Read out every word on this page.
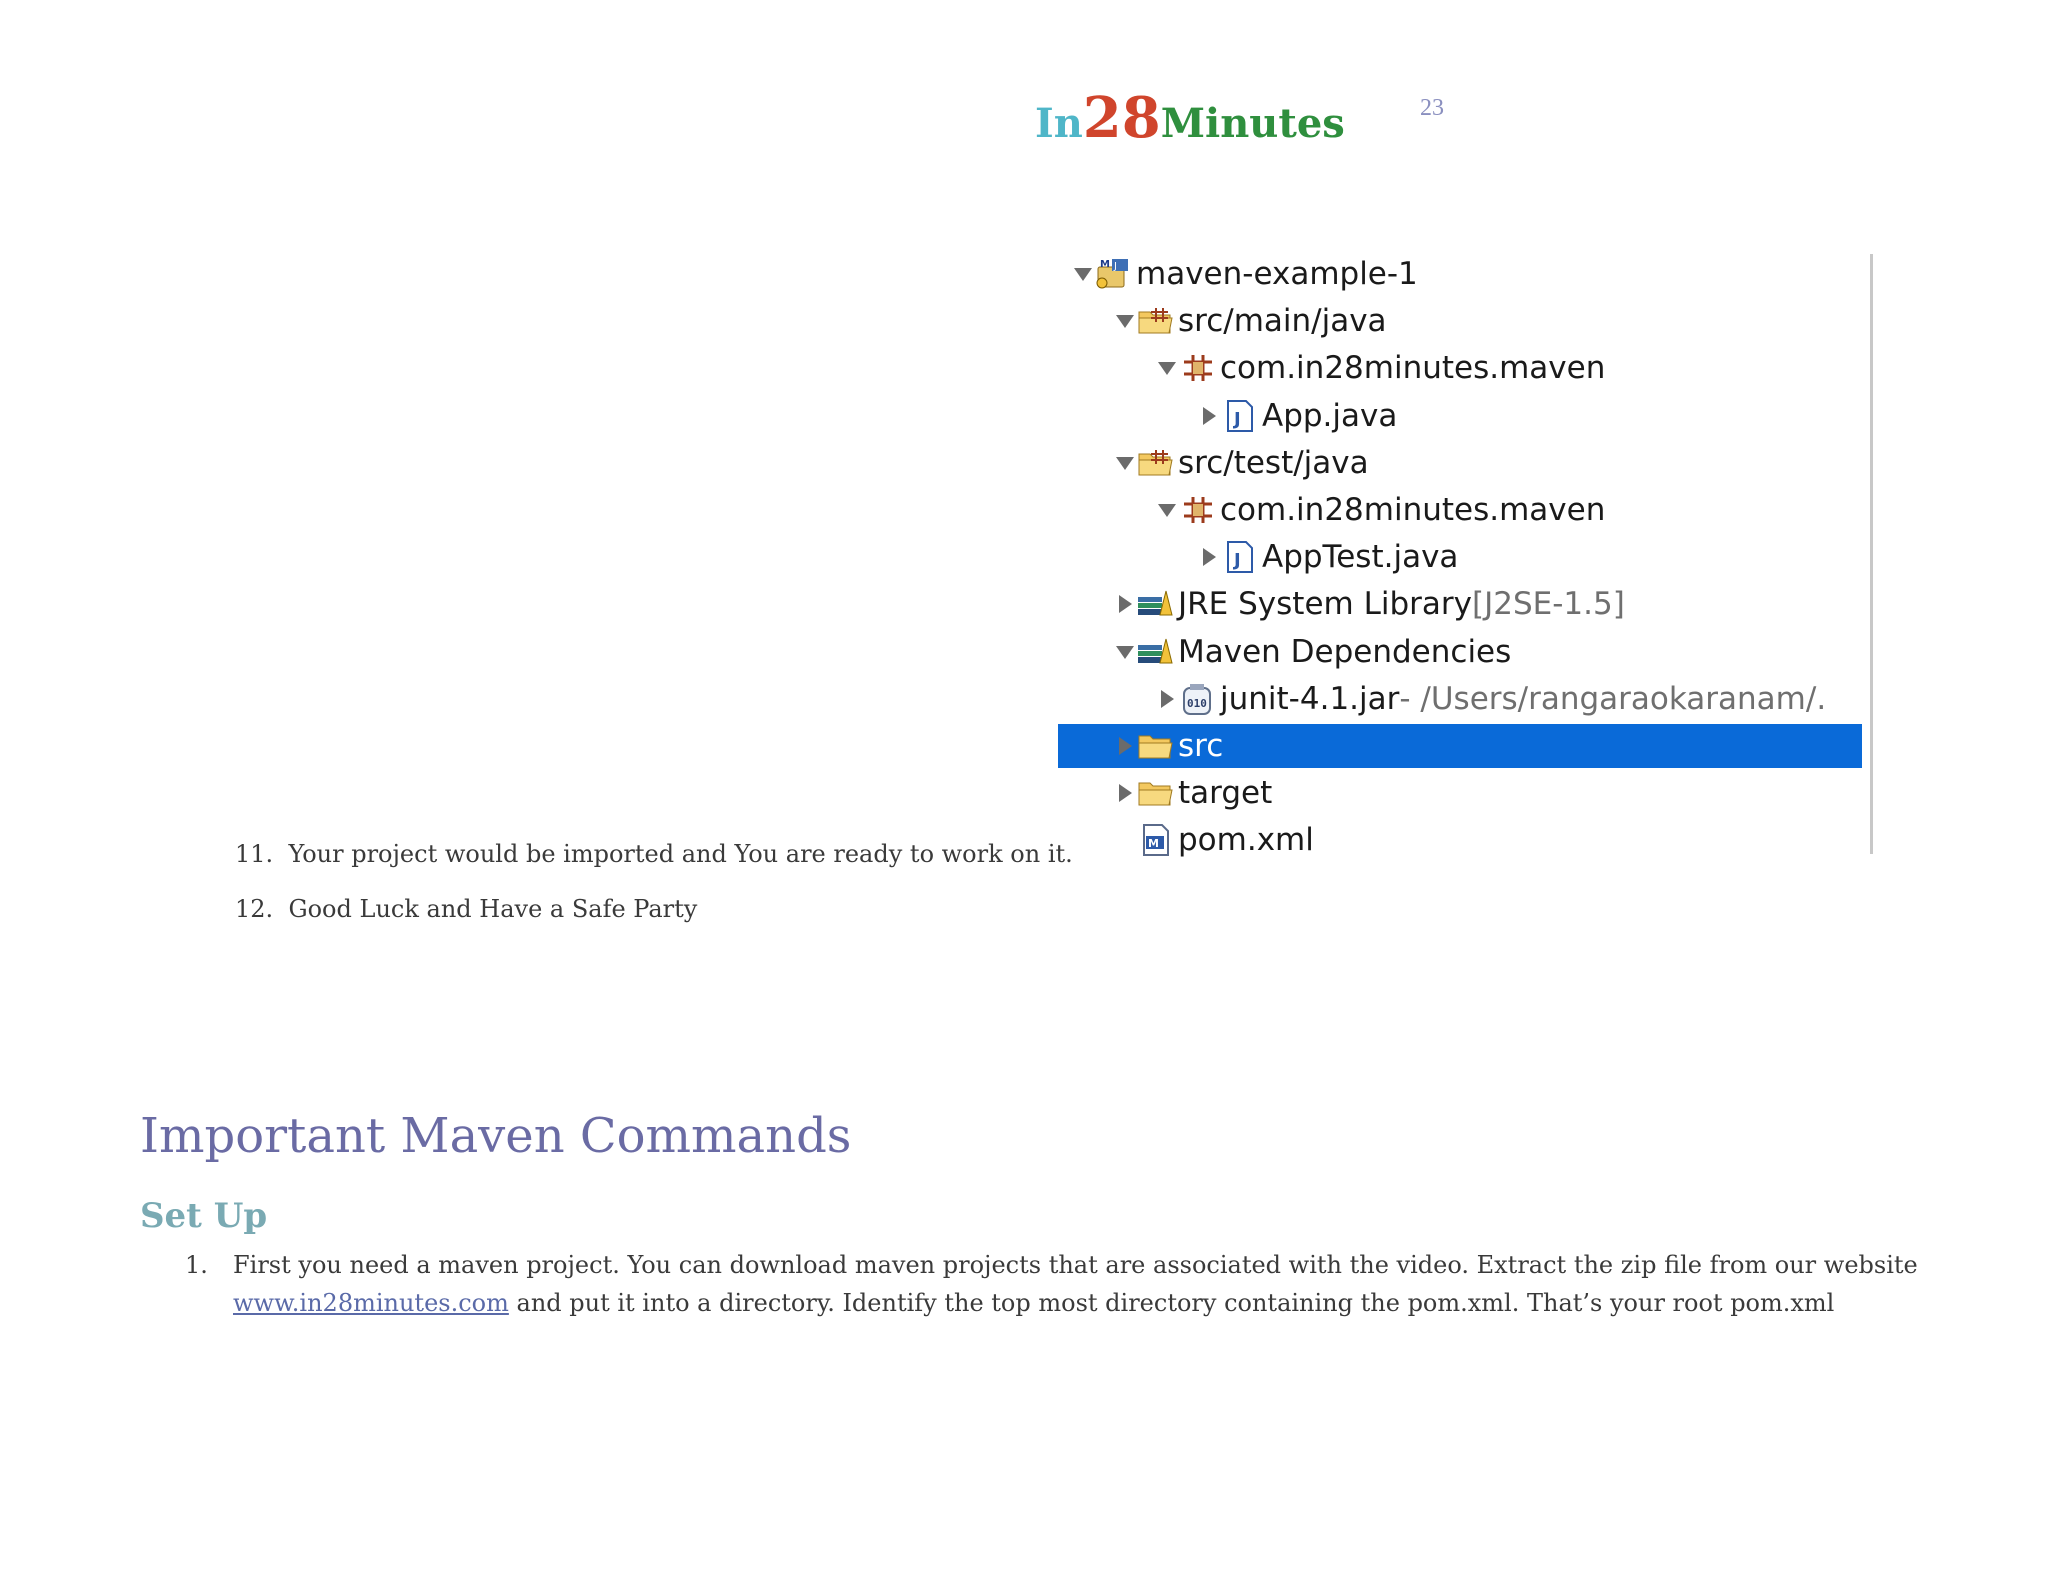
In28Minutes	23
M J maven-example-1
src/main/java
com.in28minutes.maven
J App.java
src/test/java
com.in28minutes.maven
J AppTest.java
JRE System Library [J2SE-1.5]
Maven Dependencies
010 junit-4.1.jar - /Users/rangaraokaranam/.
src
target
M pom.xml
11. Your project would be imported and You are ready to work on it.
12. Good Luck and Have a Safe Party
Important Maven Commands
Set Up
1. First you need a maven project. You can download maven projects that are associated with the video. Extract the zip file from our website
www.in28minutes.com and put it into a directory. Identify the top most directory containing the pom.xml. That’s your root pom.xml
